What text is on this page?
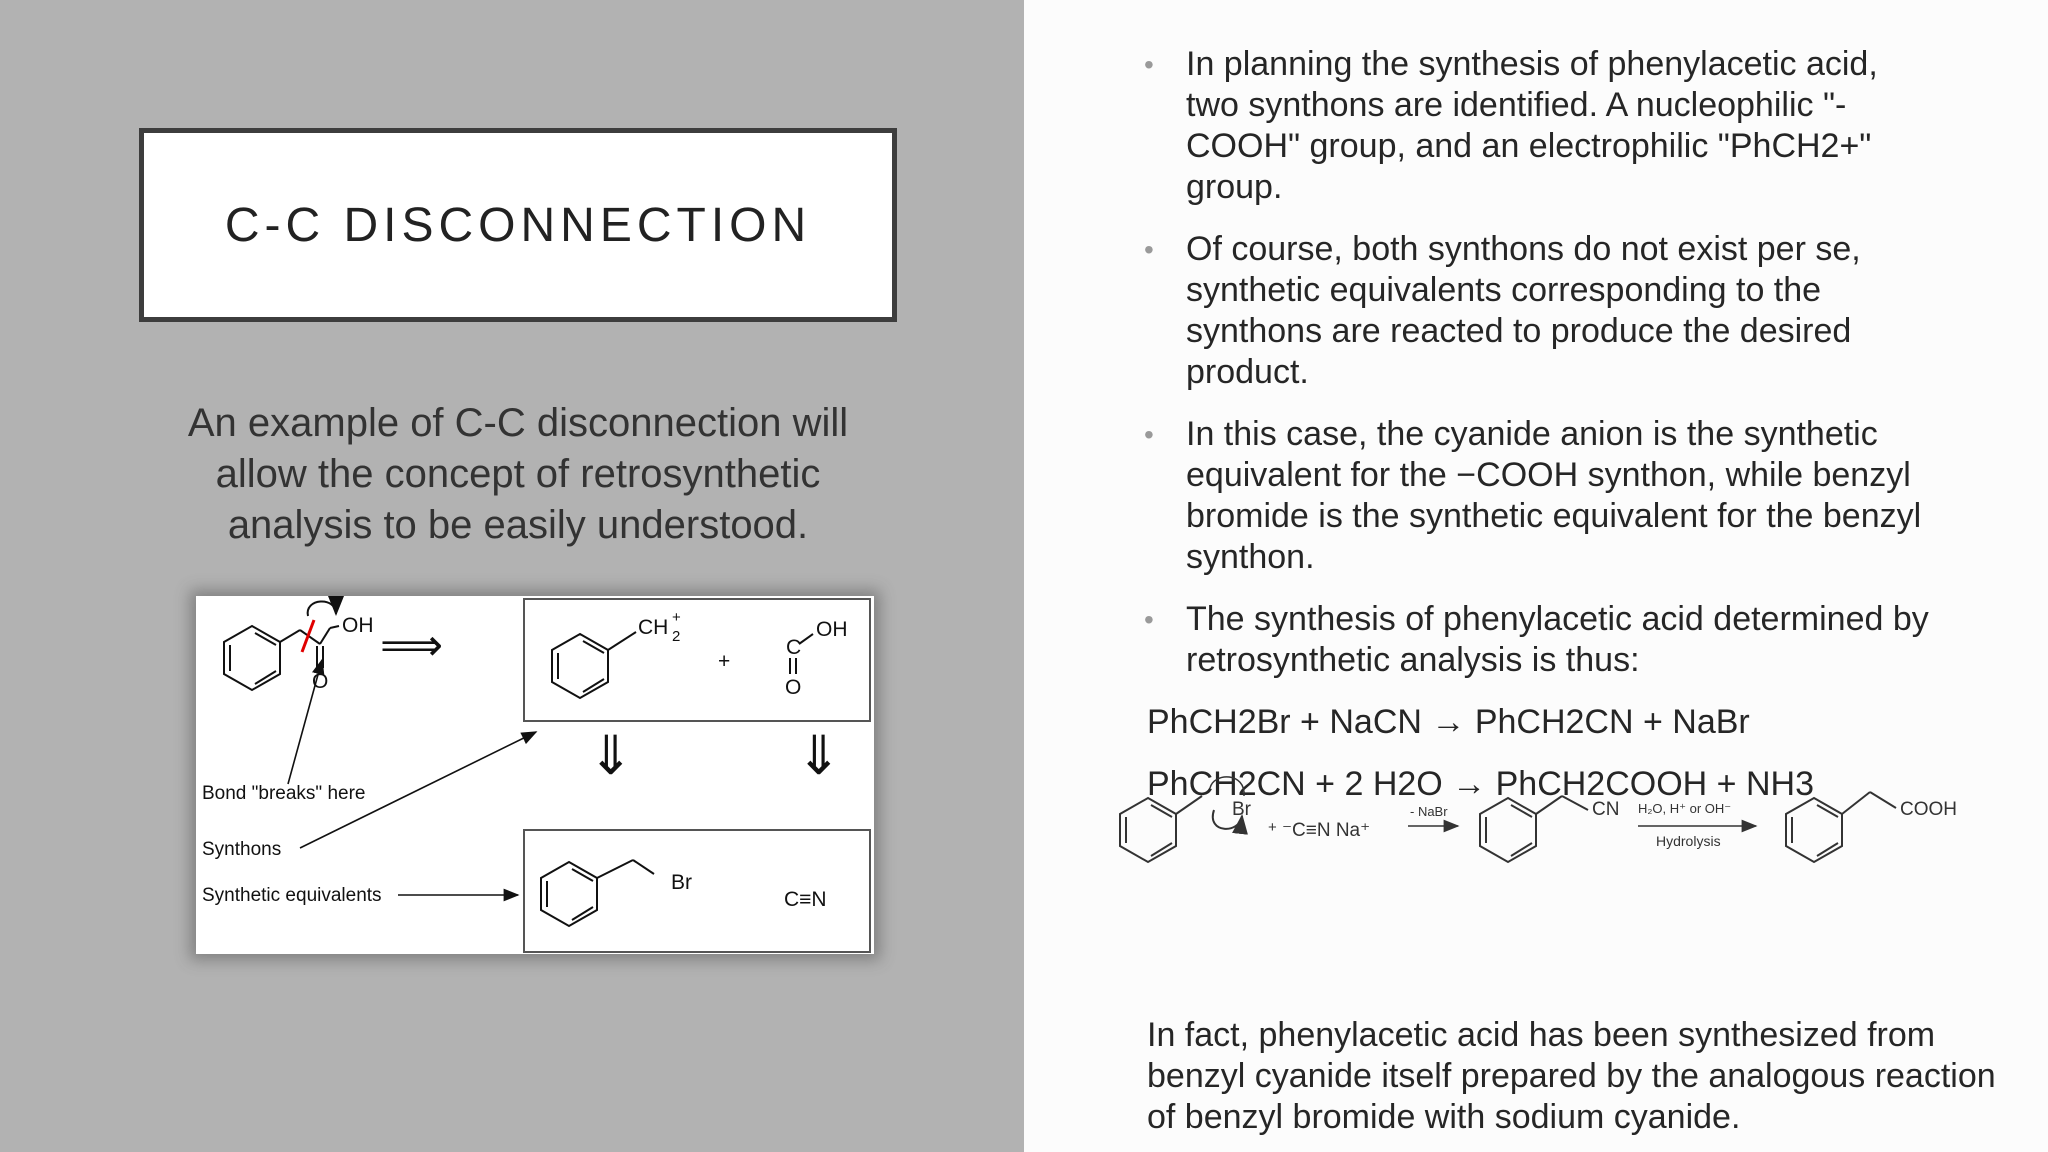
C-C DISCONNECTION
An example of C-C disconnection will allow the concept of retrosynthetic analysis to be easily understood.
OH
O
⟹	CH 2
+
+
C
OH
O
⇓	⇓
Br
C≡N
Bond "breaks" here
Synthons
Synthetic equivalents
• In planning the synthesis of phenylacetic acid, two synthons are identified. A nucleophilic "-COOH" group, and an electrophilic "PhCH2+" group.
• Of course, both synthons do not exist per se, synthetic equivalents corresponding to the synthons are reacted to produce the desired product.
• In this case, the cyanide anion is the synthetic equivalent for the −COOH synthon, while benzyl bromide is the synthetic equivalent for the benzyl synthon.
• The synthesis of phenylacetic acid determined by retrosynthetic analysis is thus:
PhCH2Br + NaCN → PhCH2CN + NaBr
PhCH2CN + 2 H2O → PhCH2COOH + NH3
Br
+ ⁻C≡N Na⁺
- NaBr	CN H₂O, H⁺ or OH⁻
Hydrolysis
COOH
In fact, phenylacetic acid has been synthesized from benzyl cyanide itself prepared by the analogous reaction of benzyl bromide with sodium cyanide.
